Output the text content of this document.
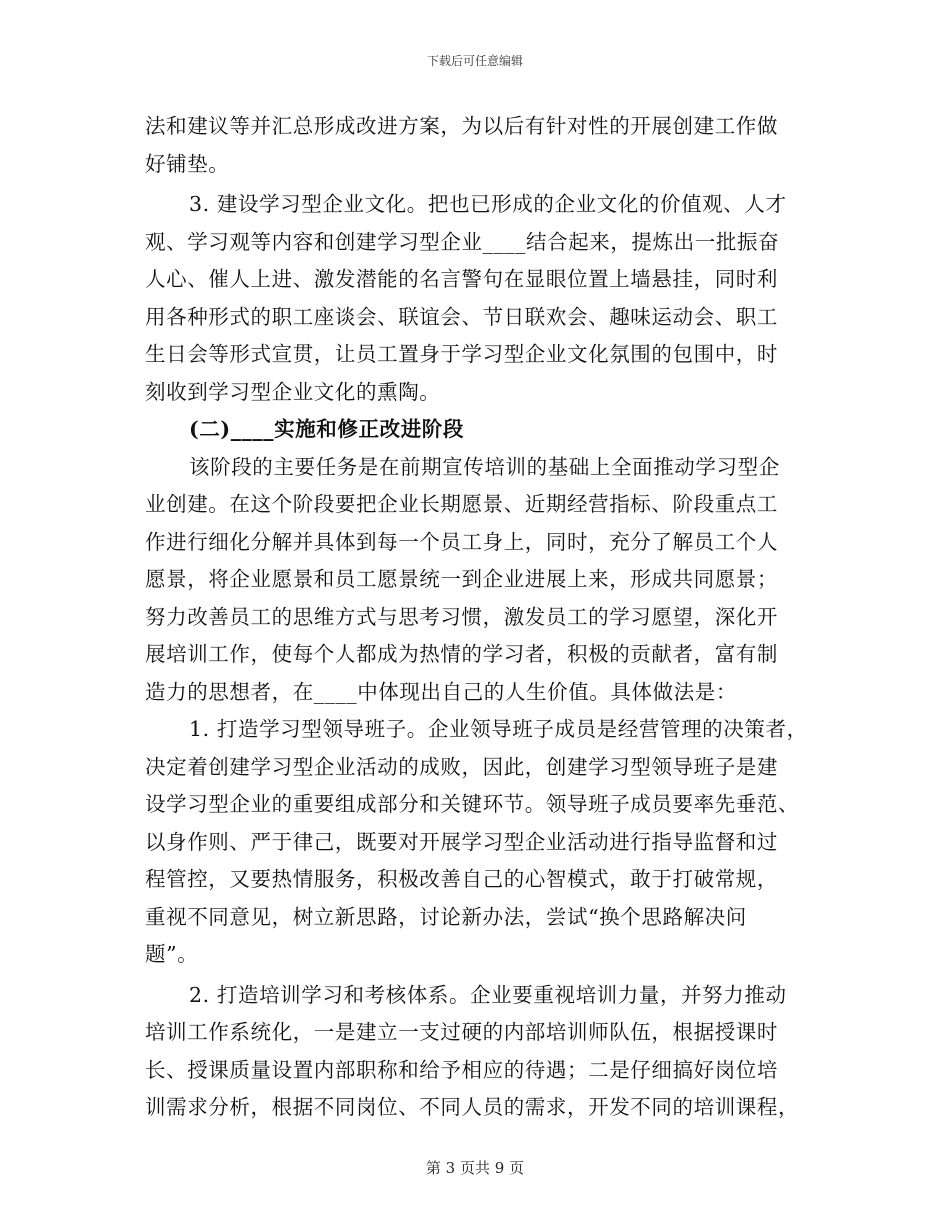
下载后可任意编辑
法和建议等并汇总形成改进方案，为以后有针对性的开展创建工作做
好铺垫。
3. 建设学习型企业文化。把也已形成的企业文化的价值观、人才
观、学习观等内容和创建学习型企业____结合起来，提炼出一批振奋
人心、催人上进、激发潜能的名言警句在显眼位置上墙悬挂，同时利
用各种形式的职工座谈会、联谊会、节日联欢会、趣味运动会、职工
生日会等形式宣贯，让员工置身于学习型企业文化氛围的包围中，时
刻收到学习型企业文化的熏陶。
(二)____实施和修正改进阶段
该阶段的主要任务是在前期宣传培训的基础上全面推动学习型企
业创建。在这个阶段要把企业长期愿景、近期经营指标、阶段重点工
作进行细化分解并具体到每一个员工身上，同时，充分了解员工个人
愿景，将企业愿景和员工愿景统一到企业进展上来，形成共同愿景；
努力改善员工的思维方式与思考习惯，激发员工的学习愿望，深化开
展培训工作，使每个人都成为热情的学习者，积极的贡献者，富有制
造力的思想者，在____中体现出自己的人生价值。具体做法是：
1. 打造学习型领导班子。企业领导班子成员是经营管理的决策者，
决定着创建学习型企业活动的成败，因此，创建学习型领导班子是建
设学习型企业的重要组成部分和关键环节。领导班子成员要率先垂范、
以身作则、严于律己，既要对开展学习型企业活动进行指导监督和过
程管控，又要热情服务，积极改善自己的心智模式，敢于打破常规，
重视不同意见，树立新思路，讨论新办法，尝试“换个思路解决问
题”。
2. 打造培训学习和考核体系。企业要重视培训力量，并努力推动
培训工作系统化，一是建立一支过硬的内部培训师队伍，根据授课时
长、授课质量设置内部职称和给予相应的待遇；二是仔细搞好岗位培
训需求分析，根据不同岗位、不同人员的需求，开发不同的培训课程，
第 3 页共 9 页
